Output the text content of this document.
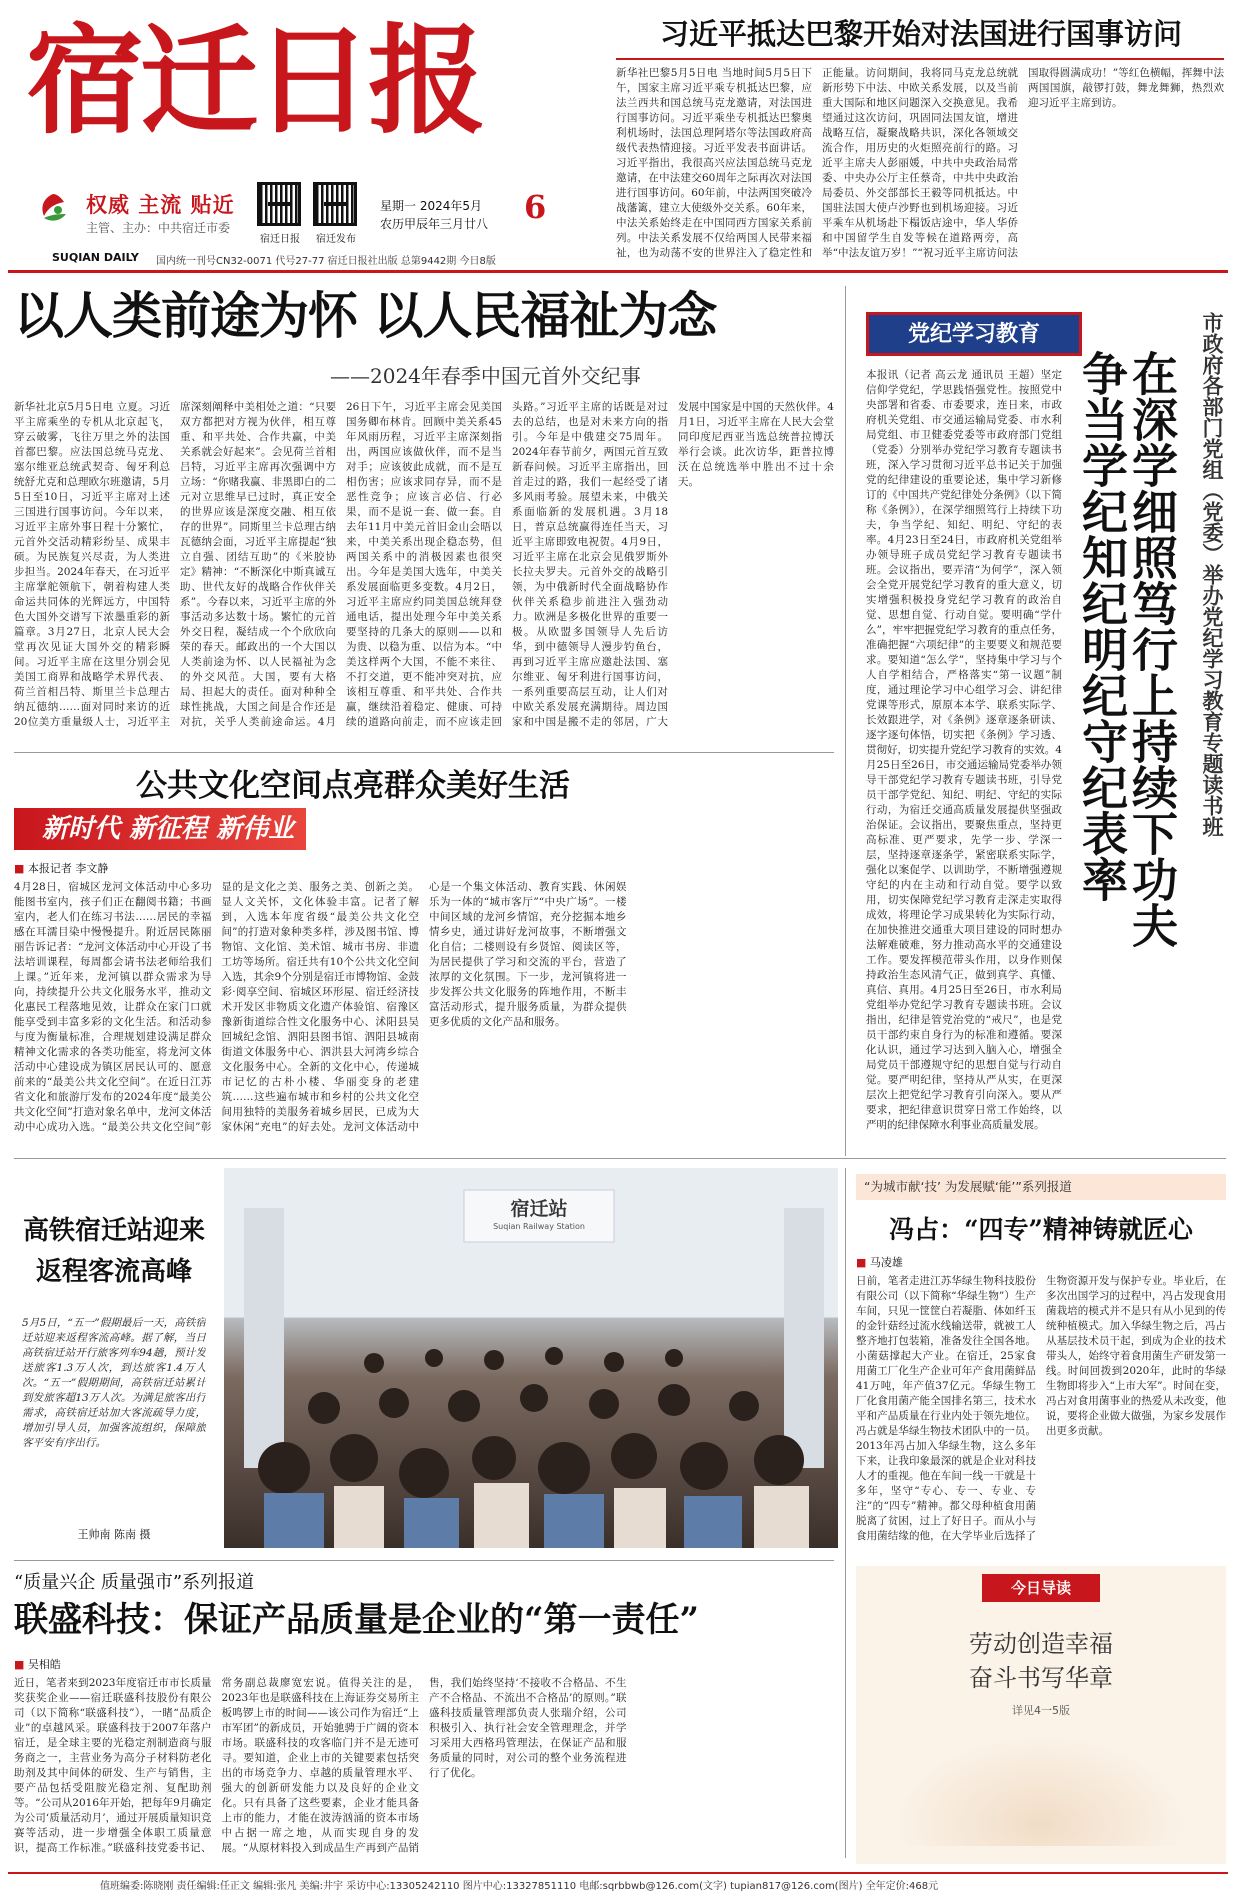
宿迁日报
权威 主流 贴近
主管、主办：中共宿迁市委
宿迁日报	宿迁发布
星期一 2024年5月
农历甲辰年三月廿八 6
SUQIAN DAILY 国内统一刊号CN32-0071 代号27-77 宿迁日报社出版 总第9442期 今日8版
习近平抵达巴黎开始对法国进行国事访问
新华社巴黎5月5日电 当地时间5月5日下午，国家主席习近平乘专机抵达巴黎，应法兰西共和国总统马克龙邀请，对法国进行国事访问。习近平乘坐专机抵达巴黎奥利机场时，法国总理阿塔尔等法国政府高级代表热情迎接。习近平发表书面讲话。习近平指出，我很高兴应法国总统马克龙邀请，在中法建交60周年之际再次对法国进行国事访问。60年前，中法两国突破冷战藩篱，建立大使级外交关系。60年来，中法关系始终走在中国同西方国家关系前列。中法关系发展不仅给两国人民带来福祉，也为动荡不安的世界注入了稳定性和正能量。访问期间，我将同马克龙总统就新形势下中法、中欧关系发展，以及当前重大国际和地区问题深入交换意见。我希望通过这次访问，巩固同法国友谊，增进战略互信，凝聚战略共识，深化各领域交流合作，用历史的火炬照亮前行的路。习近平主席夫人彭丽媛，中共中央政治局常委、中央办公厅主任蔡奇，中共中央政治局委员、外交部部长王毅等同机抵达。中国驻法国大使卢沙野也到机场迎接。习近平乘车从机场赴下榻饭店途中，华人华侨和中国留学生自发等候在道路两旁，高举“中法友谊万岁！”“祝习近平主席访问法国取得圆满成功！”等红色横幅，挥舞中法两国国旗，敲锣打鼓，舞龙舞狮，热烈欢迎习近平主席到访。
以人类前途为怀 以人民福祉为念
——2024年春季中国元首外交纪事
新华社北京5月5日电 立夏。习近平主席乘坐的专机从北京起飞，穿云破雾，飞往万里之外的法国首都巴黎。应法国总统马克龙、塞尔维亚总统武契奇、匈牙利总统舒尤克和总理欧尔班邀请，5月5日至10日，习近平主席对上述三国进行国事访问。今年以来，习近平主席外事日程十分繁忙，元首外交活动精彩纷呈、成果丰硕。为民族复兴尽责，为人类进步担当。2024年春天，在习近平主席掌舵领航下，朝着构建人类命运共同体的光辉远方，中国特色大国外交谱写下浓墨重彩的新篇章。3月27日，北京人民大会堂再次见证大国外交的精彩瞬间。习近平主席在这里分别会见美国工商界和战略学术界代表、荷兰首相吕特、斯里兰卡总理古纳瓦德纳……面对同时来访的近20位美方重量级人士，习近平主席深刻阐释中美相处之道：“只要双方都把对方视为伙伴，相互尊重、和平共处、合作共赢，中美关系就会好起来”。会见荷兰首相吕特，习近平主席再次强调中方立场：“你赌我赢、非黑即白的二元对立思维早已过时，真正安全的世界应该是深度交融、相互依存的世界”。同斯里兰卡总理古纳瓦德纳会面，习近平主席提起“独立自强、团结互助”的《米胶协定》精神：“不断深化中斯真诚互助、世代友好的战略合作伙伴关系”。今春以来，习近平主席的外事活动多达数十场。繁忙的元首外交日程，凝结成一个个欣欣向荣的春天。邮政出的一个大国以人类前途为怀、以人民福祉为念的外交风范。大国，要有大格局、担起大的责任。面对种种全球性挑战，大国之间是合作还是对抗，关乎人类前途命运。4月26日下午，习近平主席会见美国国务卿布林肯。回顾中美关系45年风雨历程，习近平主席深刻指出，两国应该做伙伴，而不是当对手；应该彼此成就，而不是互相伤害；应该求同存异，而不是恶性竞争；应该言必信、行必果，而不是说一套、做一套。自去年11月中美元首旧金山会晤以来，中美关系出现企稳态势，但两国关系中的消极因素也很突出。今年是美国大选年，中美关系发展面临更多变数。4月2日，习近平主席应约同美国总统拜登通电话，提出处理今年中美关系要坚持的几条大的原则——以和为贵、以稳为重、以信为本。“中美这样两个大国，不能不来往、不打交道，更不能冲突对抗，应该相互尊重、和平共处、合作共赢，继续沿着稳定、健康、可持续的道路向前走，而不应该走回头路。”习近平主席的话既是对过去的总结，也是对未来方向的指引。今年是中俄建交75周年。2024年春节前夕，两国元首互致新春问候。习近平主席指出，回首走过的路，我们一起经受了诸多风雨考验。展望未来，中俄关系面临新的发展机遇。3月18日，普京总统赢得连任当天，习近平主席即致电祝贺。4月9日，习近平主席在北京会见俄罗斯外长拉夫罗夫。元首外交的战略引领，为中俄新时代全面战略协作伙伴关系稳步前进注入强劲动力。欧洲是多极化世界的重要一极。从欧盟多国领导人先后访华，到中德领导人漫步钓鱼台，再到习近平主席应邀赴法国、塞尔维亚、匈牙利进行国事访问，一系列重要高层互动，让人们对中欧关系发展充满期待。周边国家和中国是搬不走的邻居，广大发展中国家是中国的天然伙伴。4月1日，习近平主席在人民大会堂同印度尼西亚当选总统普拉博沃举行会谈。此次访华，距普拉博沃在总统选举中胜出不过十余天。
党纪学习教育
在深学细照笃行上持续下功夫
争当学纪知纪明纪守纪表率	市政府各部门党组（党委）举办党纪学习教育专题读书班
本报讯（记者 高云龙 通讯员 王超）坚定信仰学党纪，学思践悟强党性。按照党中央部署和省委、市委要求，连日来，市政府机关党组、市交通运输局党委、市水利局党组、市卫健委党委等市政府部门党组（党委）分别举办党纪学习教育专题读书班，深入学习贯彻习近平总书记关于加强党的纪律建设的重要论述，集中学习新修订的《中国共产党纪律处分条例》（以下简称《条例》），在深学细照笃行上持续下功夫，争当学纪、知纪、明纪、守纪的表率。4月23日至24日，市政府机关党组举办领导班子成员党纪学习教育专题读书班。会议指出，要弄清“为何学”，深入领会全党开展党纪学习教育的重大意义，切实增强积极投身党纪学习教育的政治自觉、思想自觉、行动自觉。要明确“学什么”，牢牢把握党纪学习教育的重点任务，准确把握“六项纪律”的主要要义和规范要求。要知道“怎么学”，坚持集中学习与个人自学相结合，严格落实“第一议题”制度，通过理论学习中心组学习会、讲纪律党课等形式，原原本本学、联系实际学、长效跟进学，对《条例》逐章逐条研读、逐字逐句体悟，切实把《条例》学习透、贯彻好，切实提升党纪学习教育的实效。4月25日至26日，市交通运输局党委举办领导干部党纪学习教育专题读书班，引导党员干部学党纪、知纪、明纪、守纪的实际行动，为宿迁交通高质量发展提供坚强政治保证。会议指出，要聚焦重点，坚持更高标准、更严要求，先学一步、学深一层，坚持逐章逐条学，紧密联系实际学，强化以案促学、以训助学，不断增强遵规守纪的内在主动和行动自觉。要学以致用，切实保障党纪学习教育走深走实取得成效，将理论学习成果转化为实际行动，在加快推进交通重大项目建设的同时想办法解难破难，努力推动高水平的交通建设工作。要发挥模范带头作用，以身作则保持政治生态风清气正，做到真学、真懂、真信、真用。4月25日至26日，市水利局党组举办党纪学习教育专题读书班。会议指出，纪律是管党治党的“戒尺”，也是党员干部约束自身行为的标准和遵循。要深化认识，通过学习达到入脑入心，增强全局党员干部遵规守纪的思想自觉与行动自觉。要严明纪律，坚持从严从实，在更深层次上把党纪学习教育引向深入。要从严要求，把纪律意识贯穿日常工作始终，以严明的纪律保障水利事业高质量发展。
公共文化空间点亮群众美好生活
新时代 新征程 新伟业
■ 本报记者 李文静
4月28日，宿城区龙河文体活动中心多功能图书室内，孩子们正在翻阅书籍；书画室内，老人们在练习书法……居民的幸福感在耳濡目染中慢慢提升。附近居民陈丽丽告诉记者：“龙河文体活动中心开设了书法培训课程，每周都会请书法老师给我们上课。”近年来，龙河镇以群众需求为导向，持续提升公共文化服务水平，推动文化惠民工程落地见效，让群众在家门口就能享受到丰富多彩的文化生活。和活动参与度为衡量标准，合理规划建设满足群众精神文化需求的各类功能室，将龙河文体活动中心建设成为镇区居民认可的、愿意前来的“最美公共文化空间”。在近日江苏省文化和旅游厅发布的2024年度“最美公共文化空间”打造对象名单中，龙河文体活动中心成功入选。“最美公共文化空间”彰显的是文化之美、服务之美、创新之美。显人文关怀，文化体验丰富。记者了解到，入选本年度省级“最美公共文化空间”的打造对象种类多样，涉及图书馆、博物馆、文化馆、美术馆、城市书房、非遗工坊等场所。宿迁共有10个公共文化空间入选，其余9个分别是宿迁市博物馆、金鼓彩·阅享空间、宿城区环形屋、宿迁经济技术开发区非物质文化遗产体验馆、宿豫区豫新街道综合性文化服务中心、沭阳县吴回城纪念馆、泗阳县图书馆、泗阳县城南街道文体服务中心、泗洪县大河湾乡综合文化服务中心。全新的文化中心，传递城市记忆的古朴小楼、华丽变身的老建筑……这些遍布城市和乡村的公共文化空间用独特的美服务着城乡居民，已成为大家休闲“充电”的好去处。龙河文体活动中心是一个集文体活动、教育实践、休闲娱乐为一体的“城市客厅”“中央广场”。一楼中间区域的龙河乡情馆，充分挖掘本地乡情乡史，通过讲好龙河故事，不断增强文化自信；二楼则设有乡贤馆、阅读区等，为居民提供了学习和交流的平台，营造了浓厚的文化氛围。下一步，龙河镇将进一步发挥公共文化服务的阵地作用，不断丰富活动形式，提升服务质量，为群众提供更多优质的文化产品和服务。
高铁宿迁站迎来
返程客流高峰
5月5日，“五一”假期最后一天，高铁宿迁站迎来返程客流高峰。据了解，当日高铁宿迁站开行旅客列车94趟，预计发送旅客1.3万人次，到达旅客1.4万人次。“五一”假期期间，高铁宿迁站累计到发旅客超13万人次。为满足旅客出行需求，高铁宿迁站加大客流疏导力度，增加引导人员，加强客流组织，保障旅客平安有序出行。
王帅南 陈南 摄
宿迁站
Suqian Railway Station
“为城市献‘技’ 为发展赋‘能’”系列报道
冯占：“四专”精神铸就匠心
■ 马凌雄
日前，笔者走进江苏华绿生物科技股份有限公司（以下简称“华绿生物”）生产车间，只见一筐筐白若凝脂、体如纤玉的金针菇经过流水线输送带，就被工人整齐地打包装箱，准备发往全国各地。小菌菇撑起大产业。在宿迁，25家食用菌工厂化生产企业可年产食用菌鲜品41万吨，年产值37亿元。华绿生物工厂化食用菌产能全国排名第三，技术水平和产品质量在行业内处于领先地位。冯占就是华绿生物技术团队中的一员。2013年冯占加入华绿生物，这么多年下来，让我印象最深的就是企业对科技人才的重视。他在车间一线一干就是十多年，坚守“专心、专一、专业、专注”的“四专”精神。都父母种植食用菌脱离了贫困，过上了好日子。而从小与食用菌结缘的他，在大学毕业后选择了生物资源开发与保护专业。毕业后，在多次出国学习的过程中，冯占发现食用菌栽培的模式并不是只有从小见到的传统种植模式。加入华绿生物之后，冯占从基层技术员干起，到成为企业的技术带头人，始终守着食用菌生产研发第一线。时间回拨到2020年，此时的华绿生物即将步入“上市大军”。时间在变，冯占对食用菌事业的热爱从未改变，他说，要将企业做大做强，为家乡发展作出更多贡献。
“质量兴企 质量强市”系列报道
联盛科技：保证产品质量是企业的“第一责任”
■ 吴相皓
近日，笔者来到2023年度宿迁市市长质量奖获奖企业——宿迁联盛科技股份有限公司（以下简称“联盛科技”），一睹“品质企业”的卓越风采。联盛科技于2007年落户宿迁，是全球主要的光稳定剂制造商与服务商之一，主营业务为高分子材料防老化助剂及其中间体的研发、生产与销售，主要产品包括受阻胺光稳定剂、复配助剂等。“公司从2016年开始，把每年9月确定为公司‘质量活动月’，通过开展质量知识竞赛等活动，进一步增强全体职工质量意识，提高工作标准。”联盛科技党委书记、常务副总裁廖宽宏说。值得关注的是，2023年也是联盛科技在上海证券交易所主板鸣锣上市的时间——该公司作为宿迁“上市军团”的新成员，开始驰骋于广阔的资本市场。联盛科技的攻客临门并不是无迹可寻。要知道，企业上市的关键要素包括突出的市场竞争力、卓越的质量管理水平、强大的创新研发能力以及良好的企业文化。只有具备了这些要素，企业才能具备上市的能力，才能在波涛汹涌的资本市场中占据一席之地，从而实现自身的发展。“从原材料投入到成品生产再到产品销售，我们始终坚持‘不接收不合格品、不生产不合格品、不流出不合格品’的原则。”联盛科技质量管理部负责人张瑞介绍，公司积极引入、执行社会安全管理理念，并学习采用大西格玛管理法，在保证产品和服务质量的同时，对公司的整个业务流程进行了优化。
今日导读
劳动创造幸福
奋斗书写华章
详见4一5版
值班编委:陈晓刚 责任编辑:任正文 编辑:张凡 美编:井宇 采访中心:13305242110 图片中心:13327851110 电邮:sqrbbwb@126.com(文字) tupian817@126.com(图片) 全年定价:468元
